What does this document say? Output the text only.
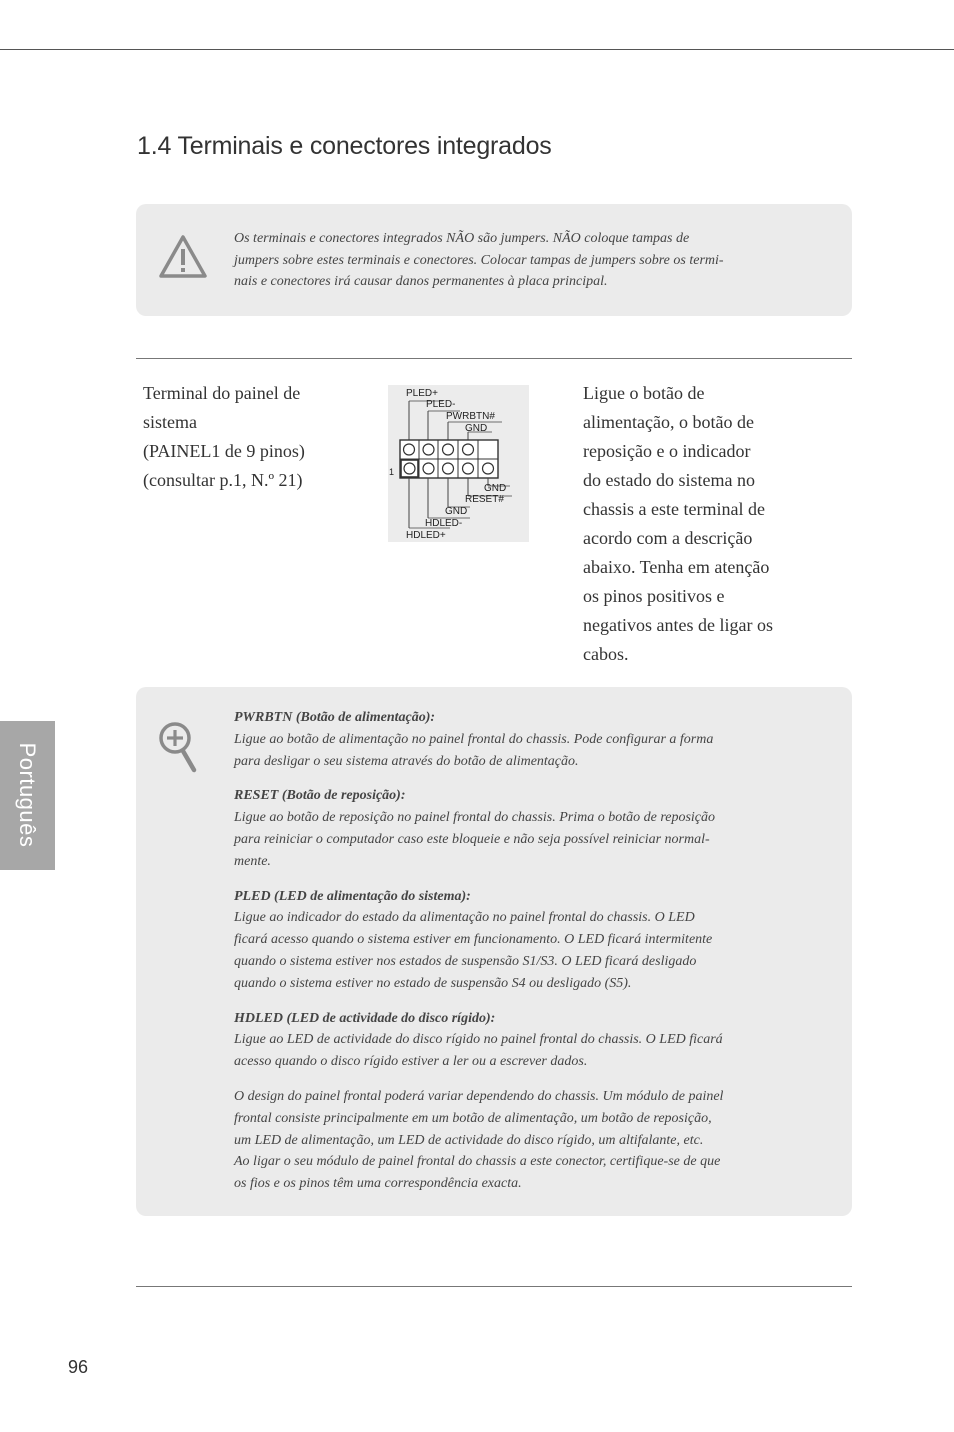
1.4 Terminais e conectores integrados
Os terminais e conectores integrados NÃO são jumpers. NÃO coloque tampas de
jumpers sobre estes terminais e conectores. Colocar tampas de jumpers sobre os termi-
nais e conectores irá causar danos permanentes à placa principal.
Terminal do painel de
sistema
(PAINEL1 de 9 pinos)
(consultar p.1, N.º 21)
PLED+
PLED-
PWRBTN#
GND
1
GND
RESET#
GND
HDLED-
HDLED+
Ligue o botão de
alimentação, o botão de
reposição e o indicador
do estado do sistema no
chassis a este terminal de
acordo com a descrição
abaixo. Tenha em atenção
os pinos positivos e
negativos antes de ligar os
cabos.
PWRBTN (Botão de alimentação):
Ligue ao botão de alimentação no painel frontal do chassis. Pode configurar a forma
para desligar o seu sistema através do botão de alimentação.
RESET (Botão de reposição):
Ligue ao botão de reposição no painel frontal do chassis. Prima o botão de reposição
para reiniciar o computador caso este bloqueie e não seja possível reiniciar normal-
mente.
PLED (LED de alimentação do sistema):
Ligue ao indicador do estado da alimentação no painel frontal do chassis. O LED
ficará acesso quando o sistema estiver em funcionamento. O LED ficará intermitente
quando o sistema estiver nos estados de suspensão S1/S3. O LED ficará desligado
quando o sistema estiver no estado de suspensão S4 ou desligado (S5).
HDLED (LED de actividade do disco rígido):
Ligue ao LED de actividade do disco rígido no painel frontal do chassis. O LED ficará
acesso quando o disco rígido estiver a ler ou a escrever dados.
O design do painel frontal poderá variar dependendo do chassis. Um módulo de painel
frontal consiste principalmente em um botão de alimentação, um botão de reposição,
um LED de alimentação, um LED de actividade do disco rígido, um altifalante, etc.
Ao ligar o seu módulo de painel frontal do chassis a este conector, certifique-se de que
os fios e os pinos têm uma correspondência exacta.
Português
96
